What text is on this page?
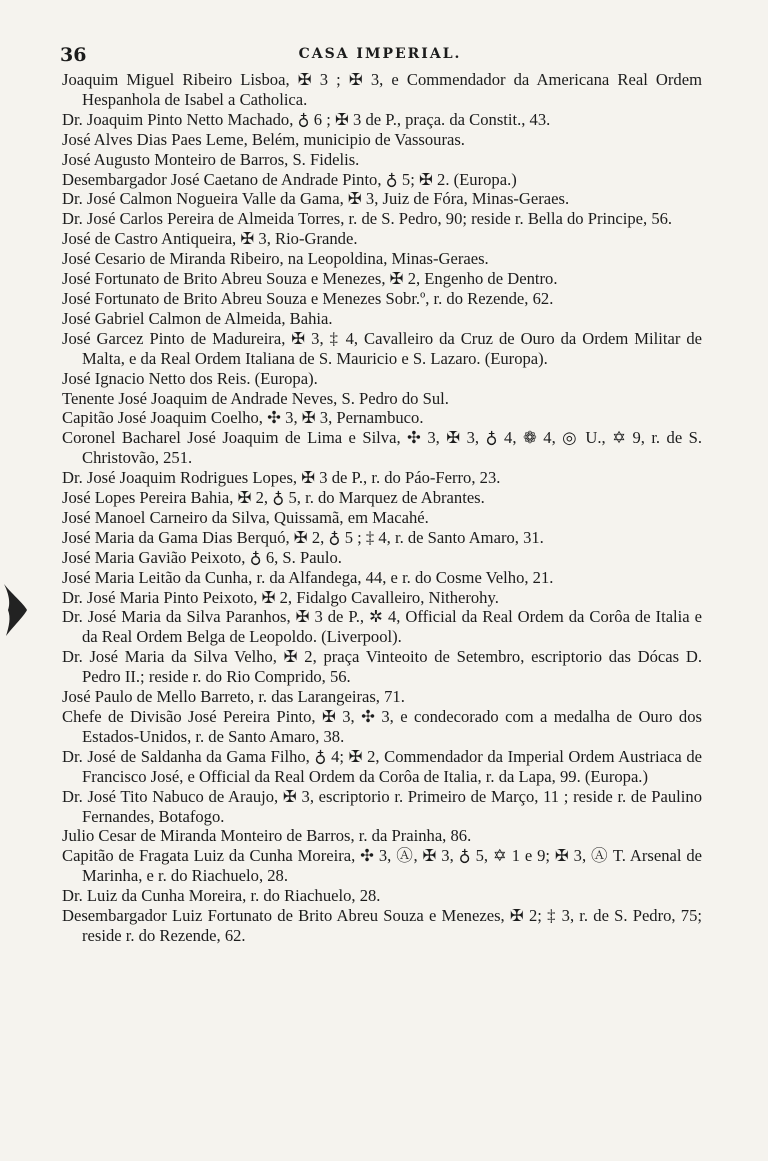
36	CASA IMPERIAL.

Joaquim Miguel Ribeiro Lisboa, ✠ 3 ; ✠ 3, e Commendador da Americana Real Ordem Hespanhola de Isabel a Catholica.

Dr. Joaquim Pinto Netto Machado, ♁ 6 ; ✠ 3 de P., praça. da Constit., 43.

José Alves Dias Paes Leme, Belém, municipio de Vassouras.

José Augusto Monteiro de Barros, S. Fidelis.

Desembargador José Caetano de Andrade Pinto, ♁ 5; ✠ 2. (Europa.)

Dr. José Calmon Nogueira Valle da Gama, ✠ 3, Juiz de Fóra, Minas-Geraes.

Dr. José Carlos Pereira de Almeida Torres, r. de S. Pedro, 90; reside r. Bella do Principe, 56.

José de Castro Antiqueira, ✠ 3, Rio-Grande.

José Cesario de Miranda Ribeiro, na Leopoldina, Minas-Geraes.

José Fortunato de Brito Abreu Souza e Menezes, ✠ 2, Engenho de Dentro.

José Fortunato de Brito Abreu Souza e Menezes Sobr.º, r. do Rezende, 62.

José Gabriel Calmon de Almeida, Bahia.

José Garcez Pinto de Madureira, ✠ 3, ‡ 4, Cavalleiro da Cruz de Ouro da Ordem Militar de Malta, e da Real Ordem Italiana de S. Mauricio e S. Lazaro. (Europa).

José Ignacio Netto dos Reis. (Europa).

Tenente José Joaquim de Andrade Neves, S. Pedro do Sul.

Capitão José Joaquim Coelho, ✣ 3, ✠ 3, Pernambuco.

Coronel Bacharel José Joaquim de Lima e Silva, ✣ 3, ✠ 3, ♁ 4, ❁ 4, ◎ U., ✡ 9, r. de S. Christovão, 251.

Dr. José Joaquim Rodrigues Lopes, ✠ 3 de P., r. do Páo-Ferro, 23.

José Lopes Pereira Bahia, ✠ 2, ♁ 5, r. do Marquez de Abrantes.

José Manoel Carneiro da Silva, Quissamã, em Macahé.

José Maria da Gama Dias Berquó, ✠ 2, ♁ 5 ; ‡ 4, r. de Santo Amaro, 31.

José Maria Gavião Peixoto, ♁ 6, S. Paulo.

José Maria Leitão da Cunha, r. da Alfandega, 44, e r. do Cosme Velho, 21.

Dr. José Maria Pinto Peixoto, ✠ 2, Fidalgo Cavalleiro, Nitherohy.

Dr. José Maria da Silva Paranhos, ✠ 3 de P., ✲ 4, Official da Real Ordem da Corôa de Italia e da Real Ordem Belga de Leopoldo. (Liverpool).

Dr. José Maria da Silva Velho, ✠ 2, praça Vinteoito de Setembro, escriptorio das Dócas D. Pedro II.; reside r. do Rio Comprido, 56.

José Paulo de Mello Barreto, r. das Larangeiras, 71.

Chefe de Divisão José Pereira Pinto, ✠ 3, ✣ 3, e condecorado com a medalha de Ouro dos Estados-Unidos, r. de Santo Amaro, 38.

Dr. José de Saldanha da Gama Filho, ♁ 4; ✠ 2, Commendador da Imperial Ordem Austriaca de Francisco José, e Official da Real Ordem da Corôa de Italia, r. da Lapa, 99. (Europa.)

Dr. José Tito Nabuco de Araujo, ✠ 3, escriptorio r. Primeiro de Março, 11 ; reside r. de Paulino Fernandes, Botafogo.

Julio Cesar de Miranda Monteiro de Barros, r. da Prainha, 86.

Capitão de Fragata Luiz da Cunha Moreira, ✣ 3, Ⓐ, ✠ 3, ♁ 5, ✡ 1 e 9; ✠ 3, Ⓐ T. Arsenal de Marinha, e r. do Riachuelo, 28.

Dr. Luiz da Cunha Moreira, r. do Riachuelo, 28.

Desembargador Luiz Fortunato de Brito Abreu Souza e Menezes, ✠ 2; ‡ 3, r. de S. Pedro, 75; reside r. do Rezende, 62.
